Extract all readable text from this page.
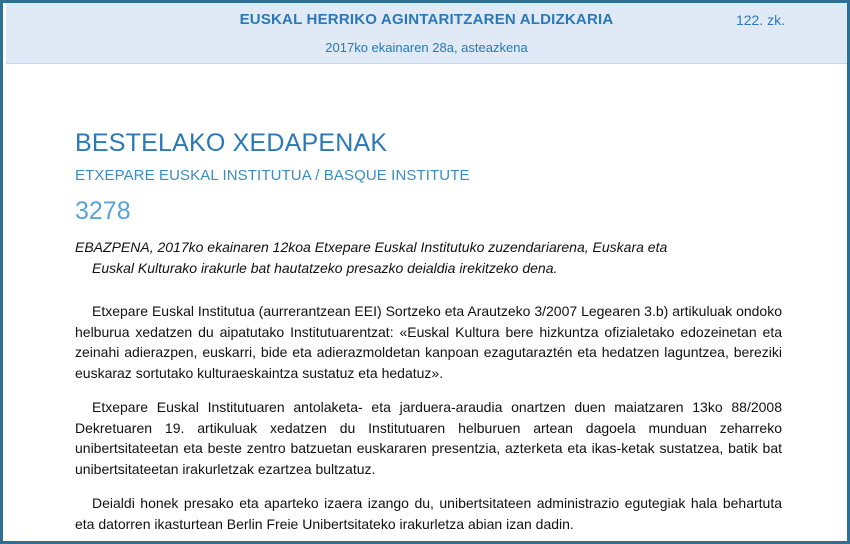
EUSKAL HERRIKO AGINTARITZAREN ALDIZKARIA	122. zk.
2017ko ekainaren 28a, asteazkena
BESTELAKO XEDAPENAK
ETXEPARE EUSKAL INSTITUTUA / BASQUE INSTITUTE
3278
EBAZPENA, 2017ko ekainaren 12koa Etxepare Euskal Institutuko zuzendariarena, Euskara eta
Euskal Kulturako irakurle bat hautatzeko presazko deialdia irekitzeko dena.

Etxepare Euskal Institutua (aurrerantzean EEI) Sortzeko eta Arautzeko 3/2007 Legearen 3.b) artikuluak ondoko helburua xedatzen du aipatutako Institutuarentzat: «Euskal Kultura bere hizkuntza ofizialetako edozeinetan eta zeinahi adierazpen, euskarri, bide eta adierazmoldetan kanpoan ezagutaraztén eta hedatzen laguntzea, bereziki euskaraz sortutako kulturaeskaintza sustatuz eta hedatuz».

Etxepare Euskal Institutuaren antolaketa- eta jarduera-araudia onartzen duen maiatzaren 13ko 88/2008 Dekretuaren 19. artikuluak xedatzen du Institutuaren helburuen artean dagoela munduan zeharreko unibertsitateetan eta beste zentro batzuetan euskararen presentzia, azterketa eta ikas-ketak sustatzea, batik bat unibertsitateetan irakurletzak ezartzea bultzatuz.

Deialdi honek presako eta aparteko izaera izango du, unibertsitateen administrazio egutegiak hala behartuta eta datorren ikasturtean Berlin Freie Unibertsitateko irakurletza abian izan dadin.
